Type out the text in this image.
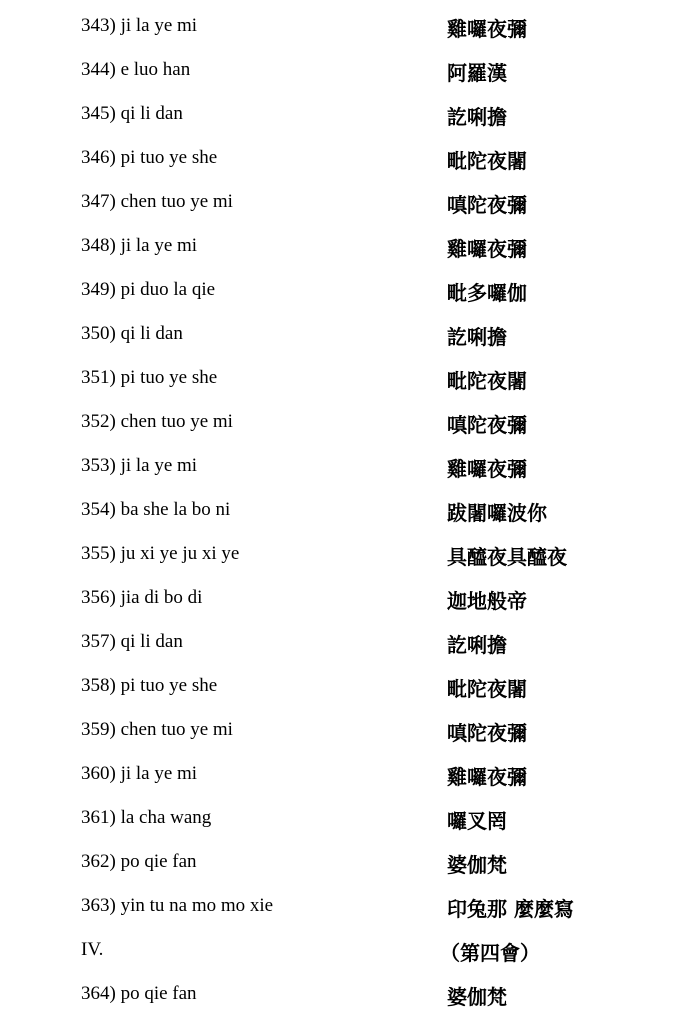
343) ji la ye mi	雞囉夜彌
344) e luo han	阿羅漢
345) qi li dan	訖唎擔
346) pi tuo ye she	毗陀夜闍
347) chen tuo ye mi	嗔陀夜彌
348) ji la ye mi	雞囉夜彌
349) pi duo la qie	毗多囉伽
350) qi li dan	訖唎擔
351) pi tuo ye she	毗陀夜闍
352) chen tuo ye mi	嗔陀夜彌
353) ji la ye mi	雞囉夜彌
354) ba she la bo ni	跋闍囉波你
355) ju xi ye ju xi ye	具醯夜具醯夜
356) jia di bo di	迦地般帝
357) qi li dan	訖唎擔
358) pi tuo ye she	毗陀夜闍
359) chen tuo ye mi	嗔陀夜彌
360) ji la ye mi	雞囉夜彌
361) la cha wang	囉叉罔
362) po qie fan	婆伽梵
363) yin tu na mo mo xie	印兔那 麼麼寫
IV.	（第四會）
364) po qie fan	婆伽梵
